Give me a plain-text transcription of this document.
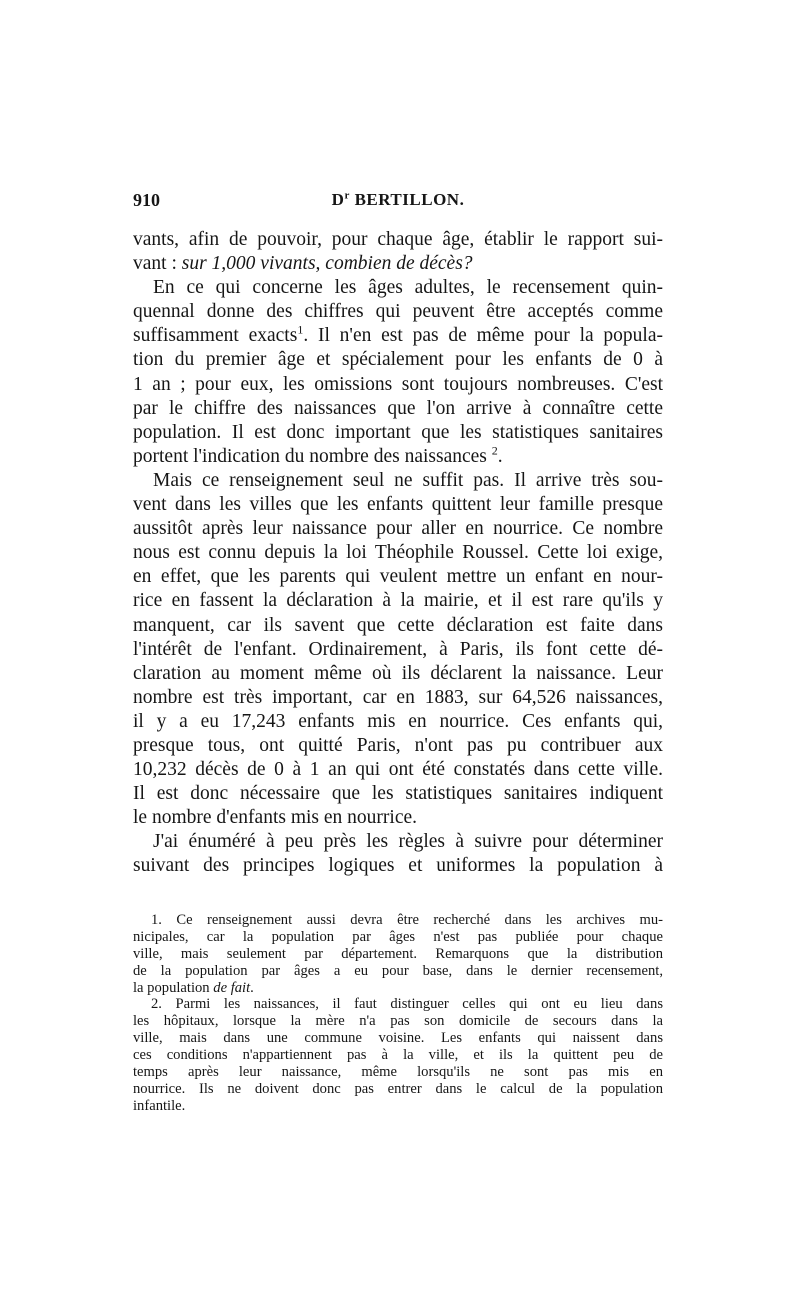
910	$D^r$ BERTILLON.
vants, afin de pouvoir, pour chaque âge, établir le rapport sui-
vant : sur 1,000 vivants, combien de décès?
En ce qui concerne les âges adultes, le recensement quin-
quennal donne des chiffres qui peuvent être acceptés comme
suffisamment exacts$^1$. Il n'en est pas de même pour la popula-
tion du premier âge et spécialement pour les enfants de 0 à
1 an ; pour eux, les omissions sont toujours nombreuses. C'est
par le chiffre des naissances que l'on arrive à connaître cette
population. Il est donc important que les statistiques sanitaires
portent l'indication du nombre des naissances $^2$.
Mais ce renseignement seul ne suffit pas. Il arrive très sou-
vent dans les villes que les enfants quittent leur famille presque
aussitôt après leur naissance pour aller en nourrice. Ce nombre
nous est connu depuis la loi Théophile Roussel. Cette loi exige,
en effet, que les parents qui veulent mettre un enfant en nour-
rice en fassent la déclaration à la mairie, et il est rare qu'ils y
manquent, car ils savent que cette déclaration est faite dans
l'intérêt de l'enfant. Ordinairement, à Paris, ils font cette dé-
claration au moment même où ils déclarent la naissance. Leur
nombre est très important, car en 1883, sur 64,526 naissances,
il y a eu 17,243 enfants mis en nourrice. Ces enfants qui,
presque tous, ont quitté Paris, n'ont pas pu contribuer aux
10,232 décès de 0 à 1 an qui ont été constatés dans cette ville.
Il est donc nécessaire que les statistiques sanitaires indiquent
le nombre d'enfants mis en nourrice.
J'ai énuméré à peu près les règles à suivre pour déterminer
suivant des principes logiques et uniformes la population à
1. Ce renseignement aussi devra être recherché dans les archives mu-
nicipales, car la population par âges n'est pas publiée pour chaque
ville, mais seulement par département. Remarquons que la distribution
de la population par âges a eu pour base, dans le dernier recensement,
la population de fait.
2. Parmi les naissances, il faut distinguer celles qui ont eu lieu dans
les hôpitaux, lorsque la mère n'a pas son domicile de secours dans la
ville, mais dans une commune voisine. Les enfants qui naissent dans
ces conditions n'appartiennent pas à la ville, et ils la quittent peu de
temps après leur naissance, même lorsqu'ils ne sont pas mis en
nourrice. Ils ne doivent donc pas entrer dans le calcul de la population
infantile.
